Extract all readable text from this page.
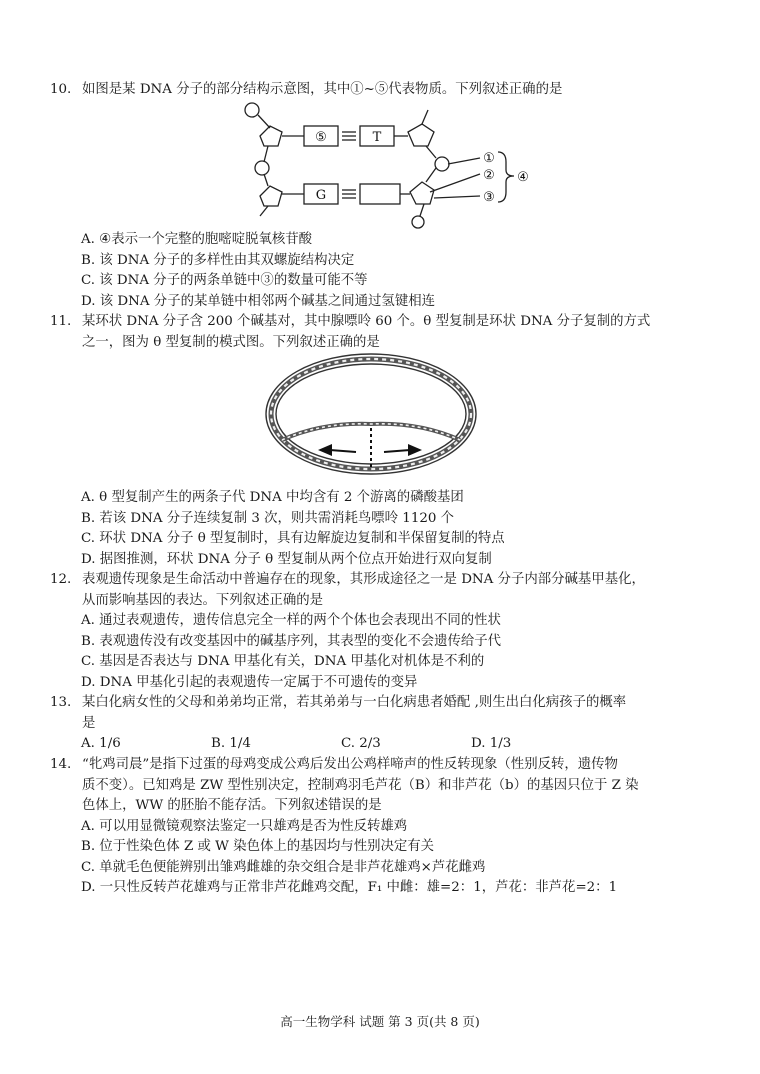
10. 如图是某 DNA 分子的部分结构示意图，其中①~⑤代表物质。下列叙述正确的是
⑤	T
G
①
②
③
④
A. ④表示一个完整的胞嘧啶脱氧核苷酸
B. 该 DNA 分子的多样性由其双螺旋结构决定
C. 该 DNA 分子的两条单链中③的数量可能不等
D. 该 DNA 分子的某单链中相邻两个碱基之间通过氢键相连
11. 某环状 DNA 分子含 200 个碱基对，其中腺嘌呤 60 个。θ 型复制是环状 DNA 分子复制的方式
之一，图为 θ 型复制的模式图。下列叙述正确的是
A. θ 型复制产生的两条子代 DNA 中均含有 2 个游离的磷酸基团
B. 若该 DNA 分子连续复制 3 次，则共需消耗鸟嘌呤 1120 个
C. 环状 DNA 分子 θ 型复制时，具有边解旋边复制和半保留复制的特点
D. 据图推测，环状 DNA 分子 θ 型复制从两个位点开始进行双向复制
12. 表观遗传现象是生命活动中普遍存在的现象，其形成途径之一是 DNA 分子内部分碱基甲基化，
从而影响基因的表达。下列叙述正确的是
A. 通过表观遗传，遗传信息完全一样的两个个体也会表现出不同的性状
B. 表观遗传没有改变基因中的碱基序列，其表型的变化不会遗传给子代
C. 基因是否表达与 DNA 甲基化有关，DNA 甲基化对机体是不利的
D. DNA 甲基化引起的表观遗传一定属于不可遗传的变异
13. 某白化病女性的父母和弟弟均正常，若其弟弟与一白化病患者婚配 ,则生出白化病孩子的概率
是
A. 1/6	B. 1/4	C. 2/3	D. 1/3
14. “牝鸡司晨”是指下过蛋的母鸡变成公鸡后发出公鸡样啼声的性反转现象（性别反转，遗传物
质不变）。已知鸡是 ZW 型性别决定，控制鸡羽毛芦花（B）和非芦花（b）的基因只位于 Z 染
色体上，WW 的胚胎不能存活。下列叙述错误的是
A. 可以用显微镜观察法鉴定一只雄鸡是否为性反转雄鸡
B. 位于性染色体 Z 或 W 染色体上的基因均与性别决定有关
C. 单就毛色便能辨别出雏鸡雌雄的杂交组合是非芦花雄鸡×芦花雌鸡
D. 一只性反转芦花雄鸡与正常非芦花雌鸡交配，F₁ 中雌：雄=2：1，芦花：非芦花=2：1
高一生物学科 试题 第 3 页(共 8 页)
